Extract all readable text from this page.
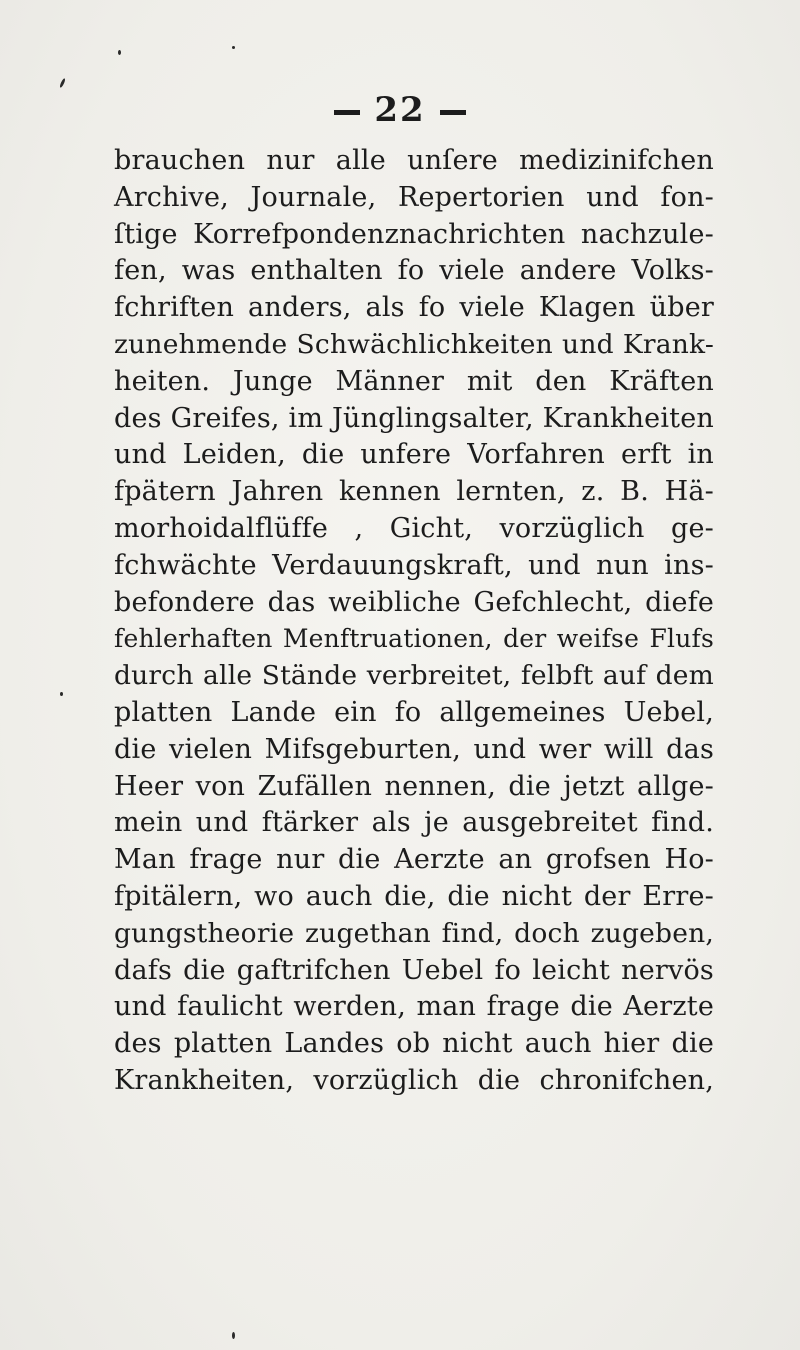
22
brauchen nur alle unſere medizinifchen
Archive, Journale, Repertorien und fon-
ſtige Korrefpondenznachrichten nachzule-
fen, was enthalten fo viele andere Volks-
fchriften anders, als fo viele Klagen über
zunehmende Schwächlichkeiten und Krank-
heiten. Junge Männer mit den Kräften
des Greifes, im Jünglingsalter, Krankheiten
und Leiden, die unfere Vorfahren erft in
fpätern Jahren kennen lernten, z. B. Hä-
morhoidalflüffe , Gicht, vorzüglich ge-
fchwächte Verdauungskraft, und nun ins-
befondere das weibliche Gefchlecht, diefe
fehlerhaften Menftruationen, der weifse Flufs
durch alle Stände verbreitet, felbft auf dem
platten Lande ein fo allgemeines Uebel,
die vielen Mifsgeburten, und wer will das
Heer von Zufällen nennen, die jetzt allge-
mein und ftärker als je ausgebreitet find.
Man frage nur die Aerzte an grofsen Ho-
fpitälern, wo auch die, die nicht der Erre-
gungstheorie zugethan find, doch zugeben,
dafs die gaftrifchen Uebel fo leicht nervös
und faulicht werden, man frage die Aerzte
des platten Landes ob nicht auch hier die
Krankheiten, vorzüglich die chronifchen,
